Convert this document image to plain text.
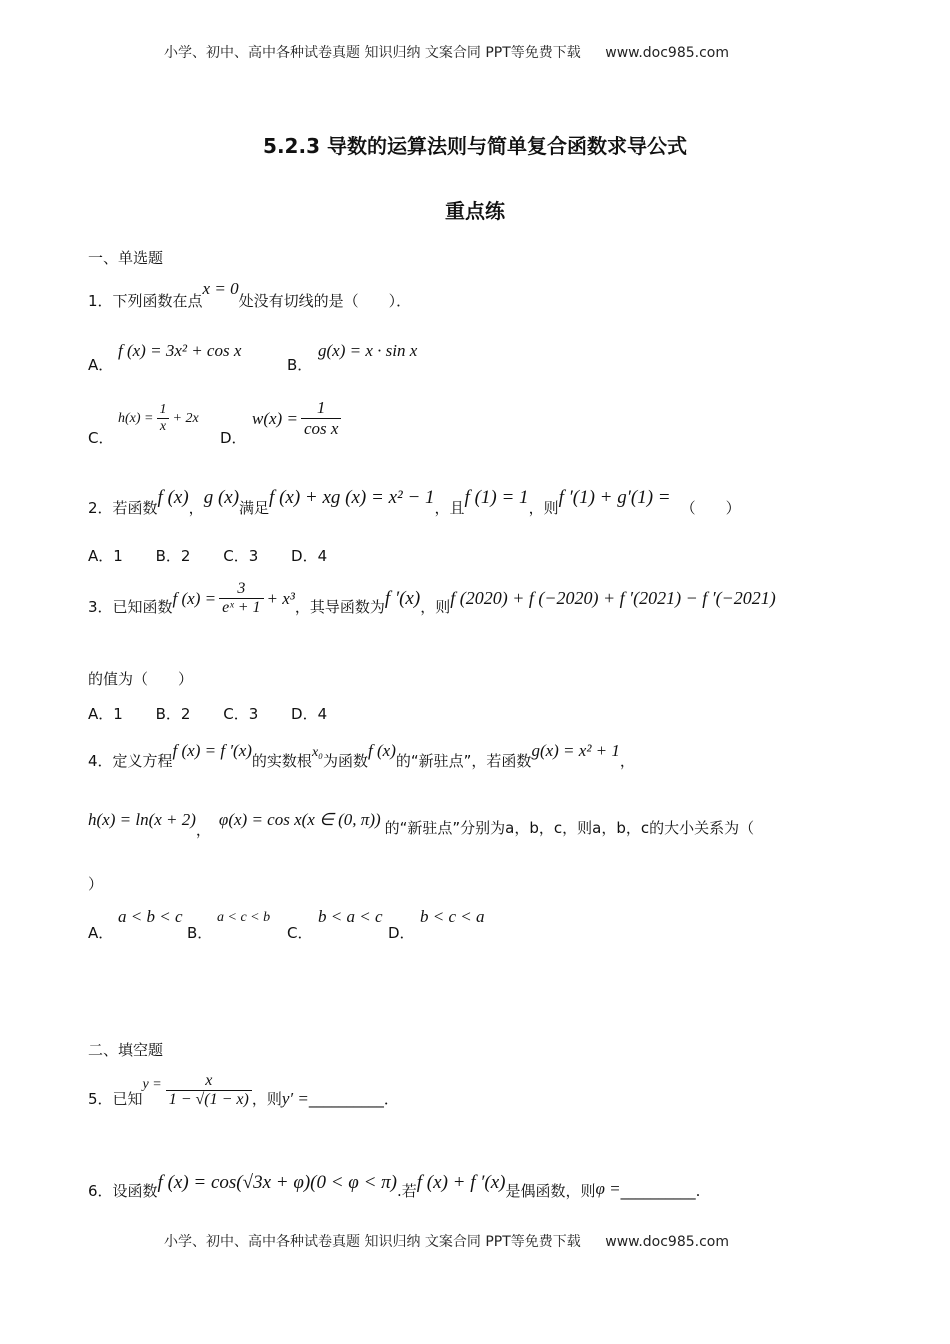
小学、初中、高中各种试卷真题 知识归纳 文案合同 PPT等免费下载 www.doc985.com
5.2.3 导数的运算法则与简单复合函数求导公式
重点练
一、单选题
1．下列函数在点x = 0处没有切线的是（　　）．
A．
f (x) = 3x² + cos x
B．
g(x) = x · sin x
C．
$h(x) = \frac{1}{x} + 2x$
D．
$w(x) = \frac{1}{\text{cos x}}$
2．若函数 f (x) ， g (x) 满足 f (x) + xg (x) = x² − 1 ，且 f (1) = 1 ，则 f ′(1) + g′(1) = （　　）
A．1 B．2 C．3 D．4
3．已知函数 f $(x) = \frac{3}{\text{eˣ + 1}} + x^3$ ，其导函数为 f ′(x) ，则 f (2020) + f (−2020) + f ′(2021) − f ′(−2021)
的值为（　　）
A．1 B．2 C．3 D．4
4．定义方程
f (x) = f ′(x)
的实数根 x₀ 为函数
f (x)
的“新驻点”，若函数
g(x) = x² + 1
，
h(x) = ln(x + 2)
，
φ(x) = cos x(x ∈ (0, π)) 的“新驻点”分别为a，b，c，则a，b，c的大小关系为（
）
A．
a < b < c
B．
a < c < b
C．
b < a < c
D．
b < c < a
二、填空题
5．已知
$y = \frac{x}{1 - √(1 - x)}$ ，则 y′ = __________．
6．设函数 f (x) = cos(√3x + φ)(0 < φ < π) .若 f (x) + f ′(x) 是偶函数，则 φ = __________.
小学、初中、高中各种试卷真题 知识归纳 文案合同 PPT等免费下载 www.doc985.com
